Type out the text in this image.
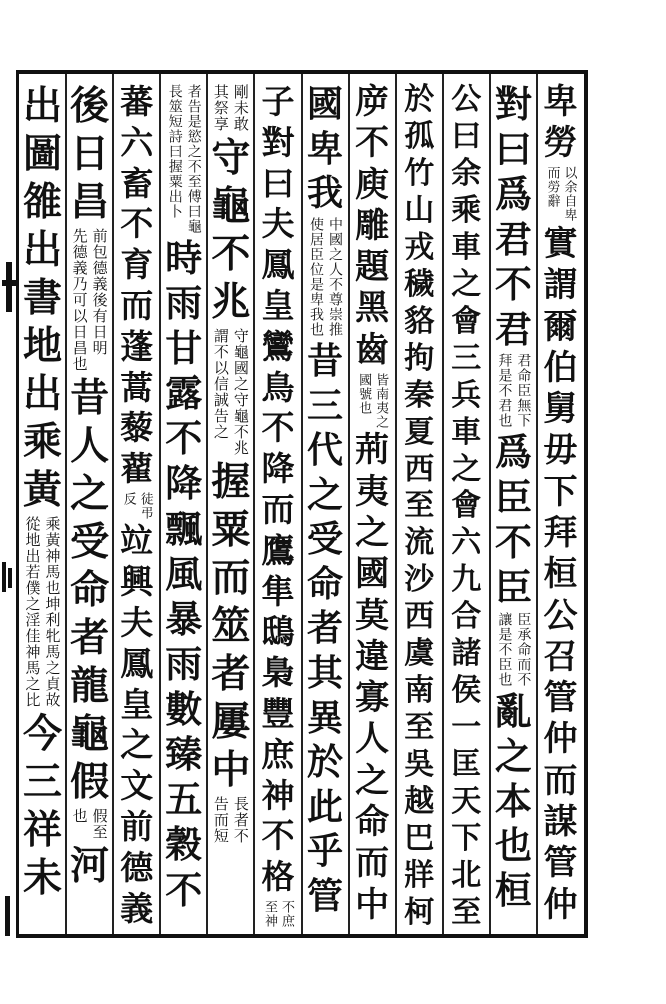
卑
勞
以余自卑
而勞辭
實
謂
爾
伯
舅
毋
下
拜
桓
公
召
管
仲
而
謀
管
仲
對
曰
爲
君
不
君
君命臣無下
拜是不君也
爲
臣
不
臣
臣承命而不
讓是不臣也
亂
之
本
也
桓
公
曰
余
乘
車
之
會
三
兵
車
之
會
六
九
合
諸
侯
一
匡
天
下
北
至
於
孤
竹
山
戎
穢
貉
拘
秦
夏
西
至
流
沙
西
虞
南
至
吳
越
巴
牂
柯
㡿
不
庾
雕
題
黑
齒
皆南夷之
國號也
荊
夷
之
國
莫
違
寡
人
之
命
而
中
國
卑
我
中國之人不尊崇推
使居臣位是卑我也
昔
三
代
之
受
命
者
其
異
於
此
乎
管
子
對
曰
夫
鳳
皇
鸞
鳥
不
降
而
鷹
隼
鴟
梟
豐
庶
神
不
格
不庶
至神
剛未敢
其祭享
守
龜
不
兆
守龜國之守龜不兆
謂不以信誠告之
握
粟
而
筮
者
屢
中
長者不
告而短
者告是慾之不至傅曰龜
長筮短詩曰握粟出卜
時
雨
甘
露
不
降
飄
風
暴
雨
數
臻
五
穀
不
蕃
六
畜
不
育
而
蓬
蒿
藜
藋
徒弔
反
竝
興
夫
鳳
皇
之
文
前
德
義
後
日
昌
前包德義後有日明
先德義乃可以日昌也
昔
人
之
受
命
者
龍
龜
假
假至
也
河
出
圖
雒
出
書
地
出
乘
黃
乘黃神馬也坤利牝馬之貞故
從地出若僕之淫佳神馬之比
今
三
祥
未
